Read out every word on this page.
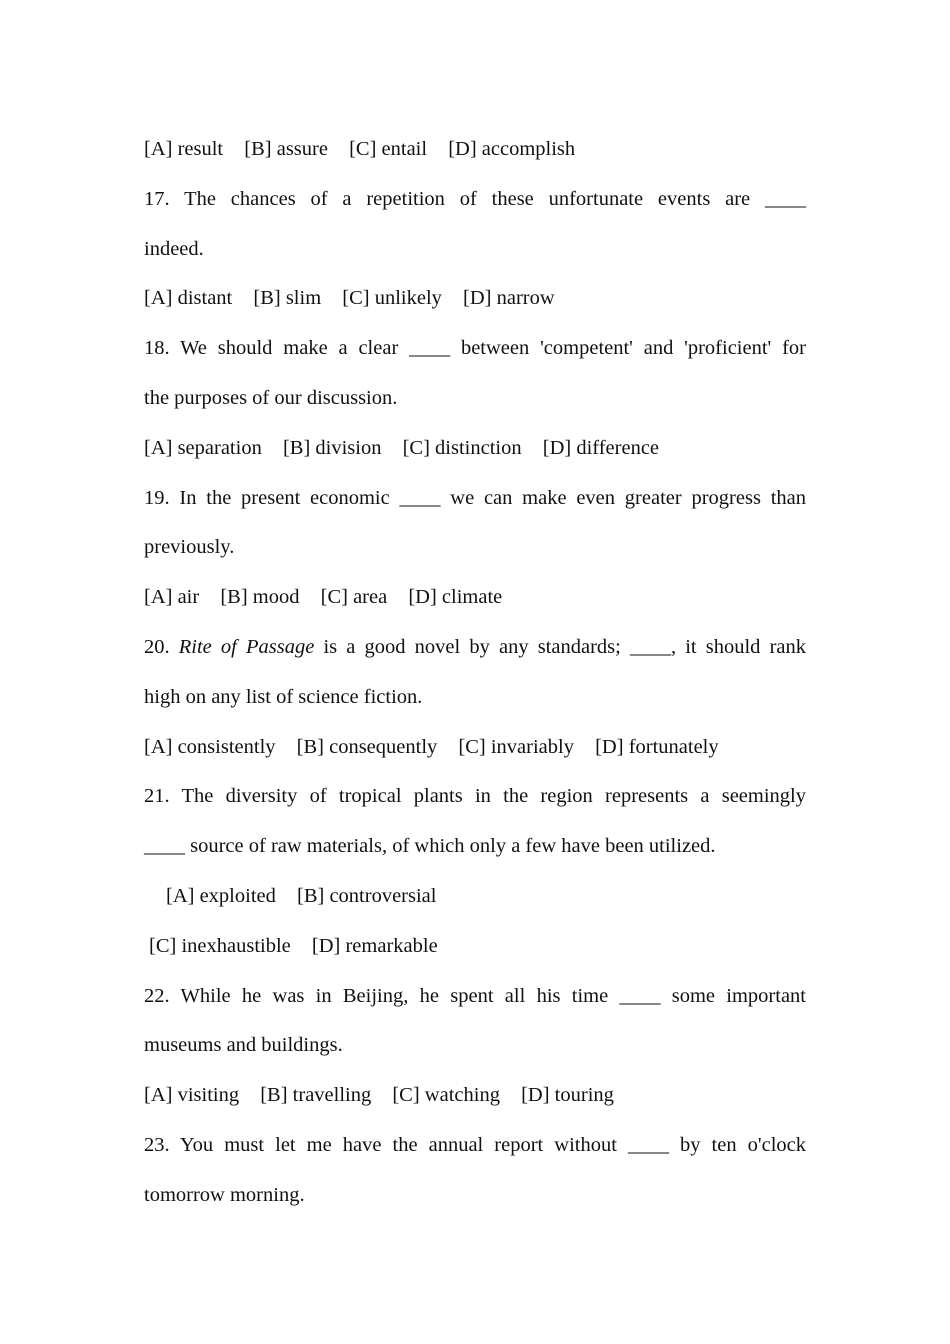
[A] result [B] assure [C] entail [D] accomplish
17. The chances of a repetition of these unfortunate events are ____
indeed.
[A] distant [B] slim [C] unlikely [D] narrow
18. We should make a clear ____ between 'competent' and 'proficient' for
the purposes of our discussion.
[A] separation [B] division [C] distinction [D] difference
19. In the present economic ____ we can make even greater progress than
previously.
[A] air [B] mood [C] area [D] climate
20. Rite of Passage is a good novel by any standards; ____, it should rank
high on any list of science fiction.
[A] consistently [B] consequently [C] invariably [D] fortunately
21. The diversity of tropical plants in the region represents a seemingly
____ source of raw materials, of which only a few have been utilized.
[A] exploited [B] controversial
[C] inexhaustible [D] remarkable
22. While he was in Beijing, he spent all his time ____ some important
museums and buildings.
[A] visiting [B] travelling [C] watching [D] touring
23. You must let me have the annual report without ____ by ten o'clock
tomorrow morning.
